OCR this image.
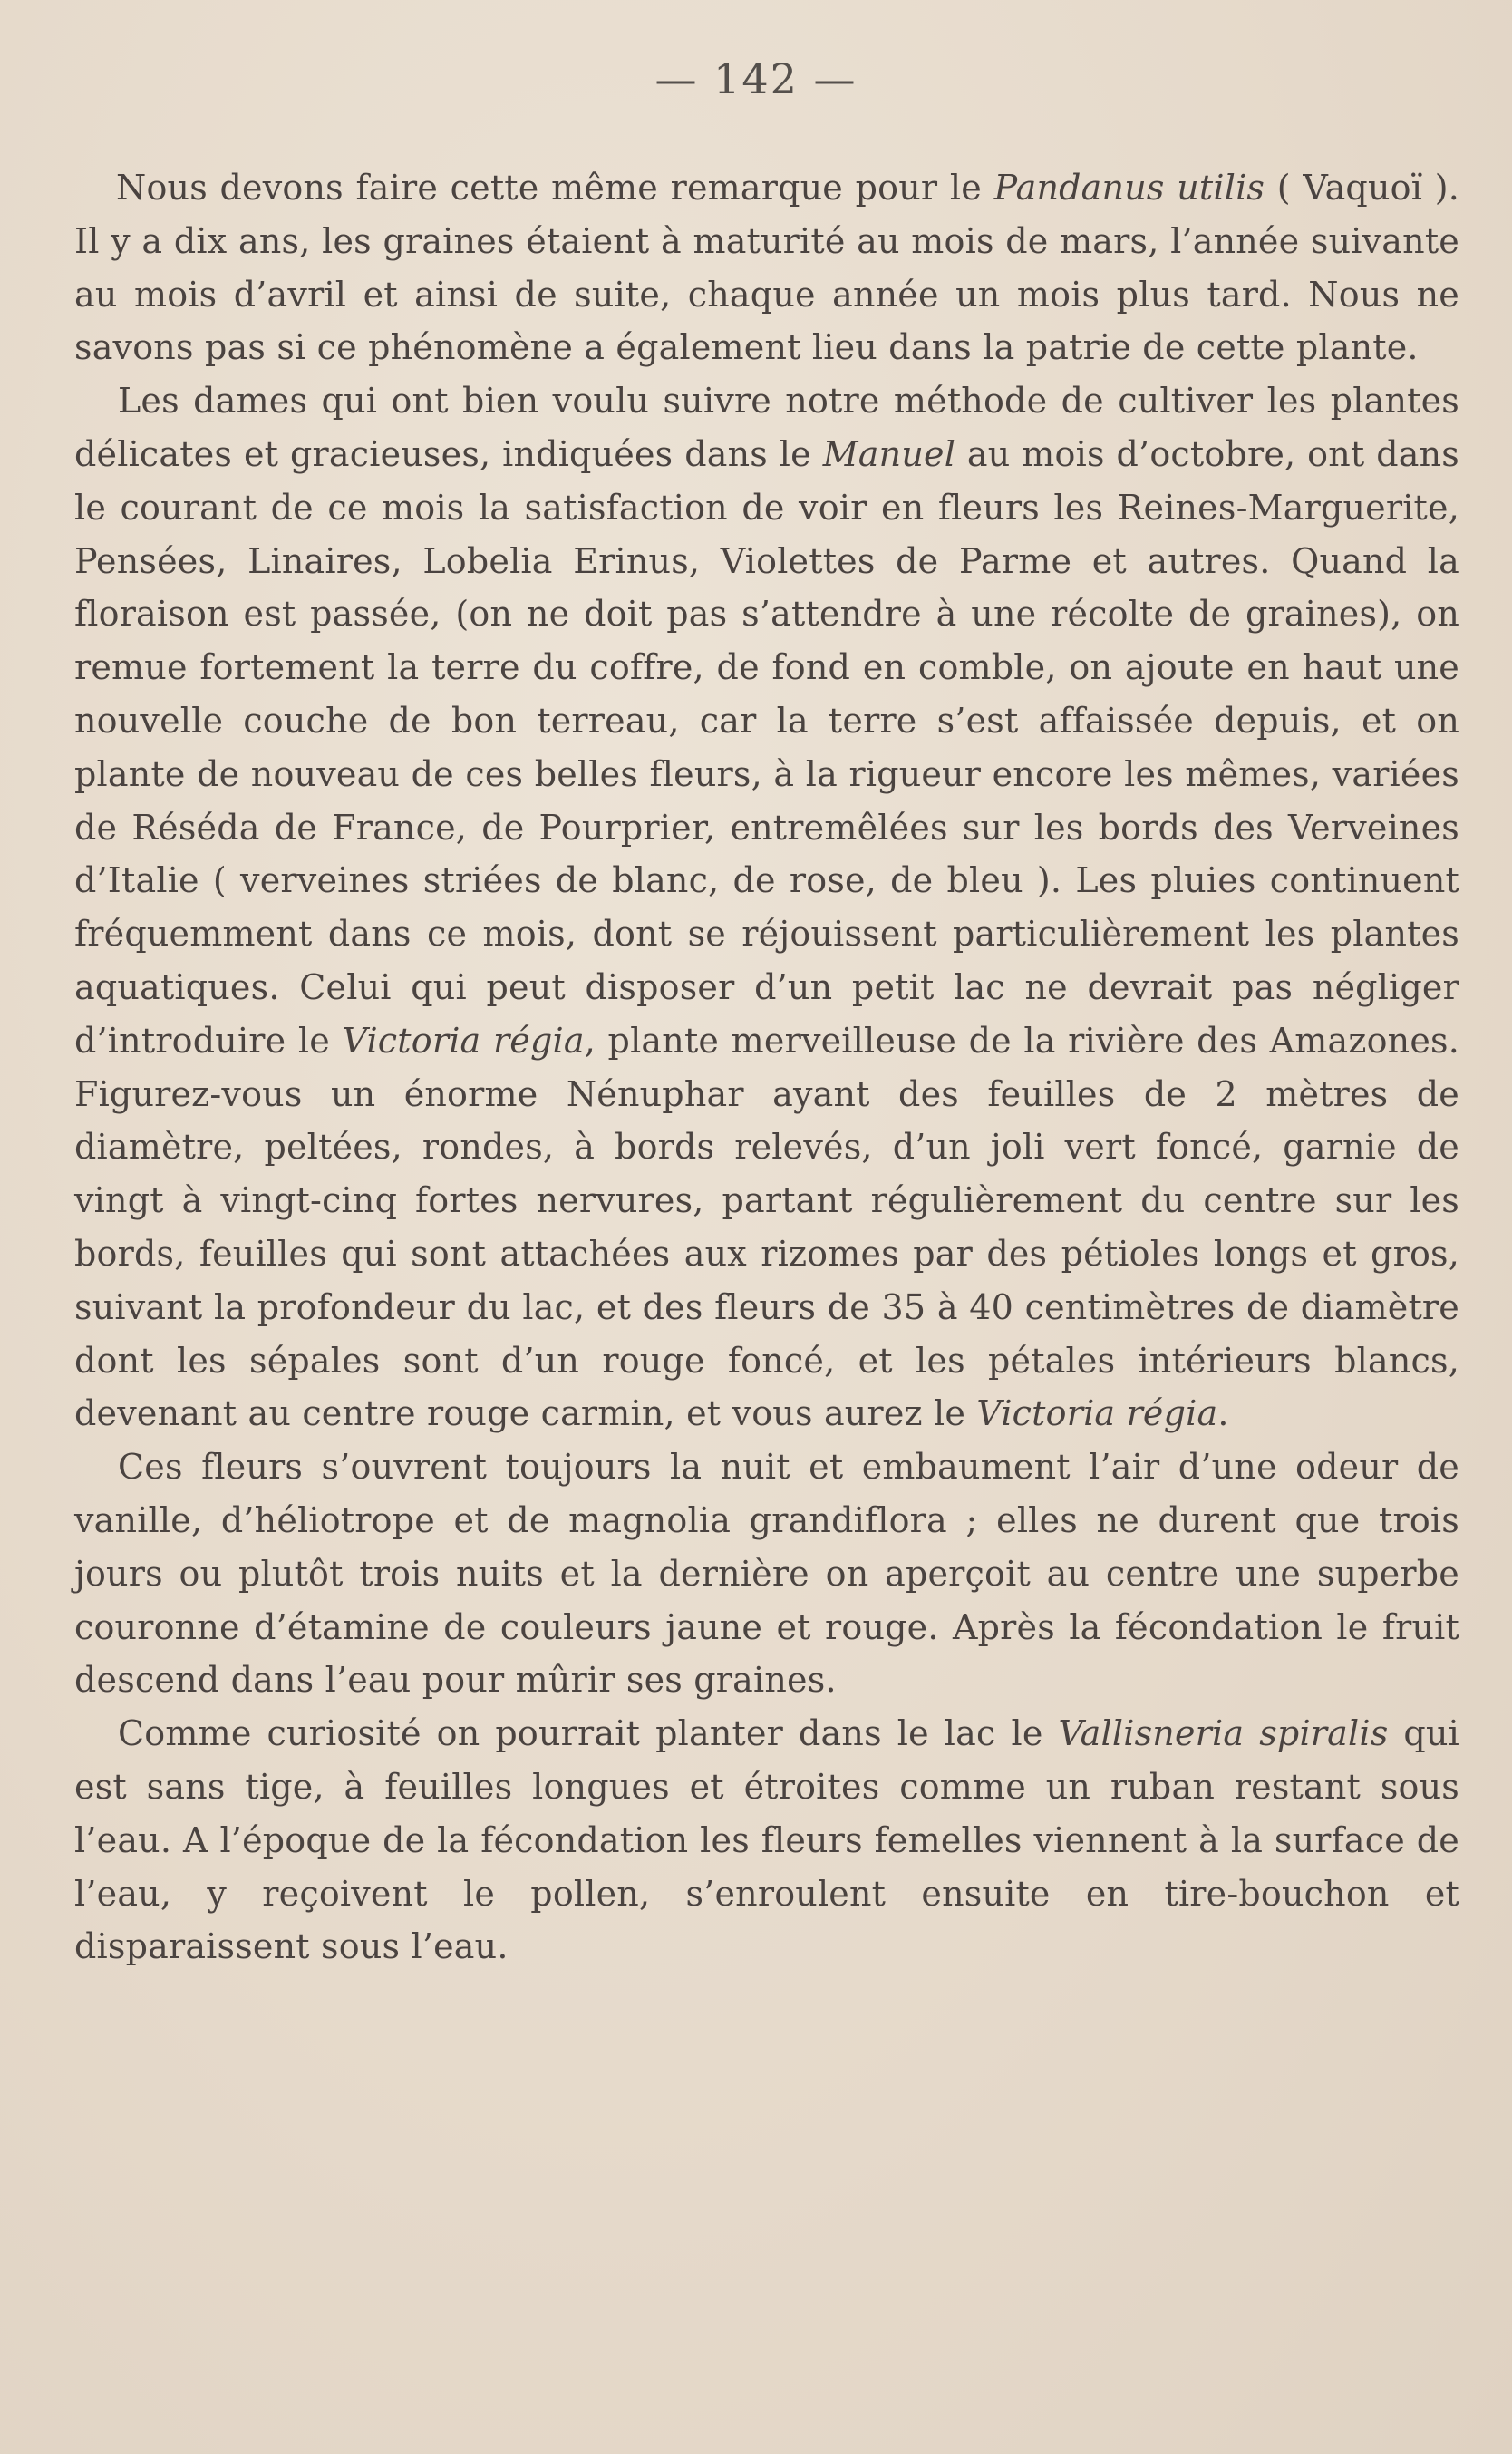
— 142 —

Nous devons faire cette même remarque pour le Pandanus utilis ( Vaquoï ). Il y a dix ans, les graines étaient à maturité au mois de mars, l’année suivante au mois d’avril et ainsi de suite, chaque année un mois plus tard. Nous ne savons pas si ce phénomène a également lieu dans la patrie de cette plante.

Les dames qui ont bien voulu suivre notre méthode de cultiver les plantes délicates et gracieuses, indiquées dans le Manuel au mois d’octobre, ont dans le courant de ce mois la satisfaction de voir en fleurs les Reines-Marguerite, Pensées, Linaires, Lobelia Erinus, Violettes de Parme et autres. Quand la floraison est passée, (on ne doit pas s’attendre à une récolte de graines), on remue fortement la terre du coffre, de fond en comble, on ajoute en haut une nouvelle couche de bon terreau, car la terre s’est affaissée depuis, et on plante de nouveau de ces belles fleurs, à la rigueur encore les mêmes, variées de Réséda de France, de Pourprier, entremêlées sur les bords des Verveines d’Italie ( verveines striées de blanc, de rose, de bleu ). Les pluies continuent fréquemment dans ce mois, dont se réjouissent particulièrement les plantes aquatiques. Celui qui peut disposer d’un petit lac ne devrait pas négliger d’introduire le Victoria régia, plante merveilleuse de la rivière des Amazones. Figurez-vous un énorme Nénuphar ayant des feuilles de 2 mètres de diamètre, peltées, rondes, à bords relevés, d’un joli vert foncé, garnie de vingt à vingt-cinq fortes nervures, partant régulièrement du centre sur les bords, feuilles qui sont attachées aux rizomes par des pétioles longs et gros, suivant la profondeur du lac, et des fleurs de 35 à 40 centimètres de diamètre dont les sépales sont d’un rouge foncé, et les pétales intérieurs blancs, devenant au centre rouge carmin, et vous aurez le Victoria régia.

Ces fleurs s’ouvrent toujours la nuit et embaument l’air d’une odeur de vanille, d’héliotrope et de magnolia grandiflora ; elles ne durent que trois jours ou plutôt trois nuits et la dernière on aperçoit au centre une superbe couronne d’étamine de couleurs jaune et rouge. Après la fécondation le fruit descend dans l’eau pour mûrir ses graines.

Comme curiosité on pourrait planter dans le lac le Vallisneria spiralis qui est sans tige, à feuilles longues et étroites comme un ruban restant sous l’eau. A l’époque de la fécondation les fleurs femelles viennent à la surface de l’eau, y reçoivent le pollen, s’enroulent ensuite en tire-bouchon et disparaissent sous l’eau.
